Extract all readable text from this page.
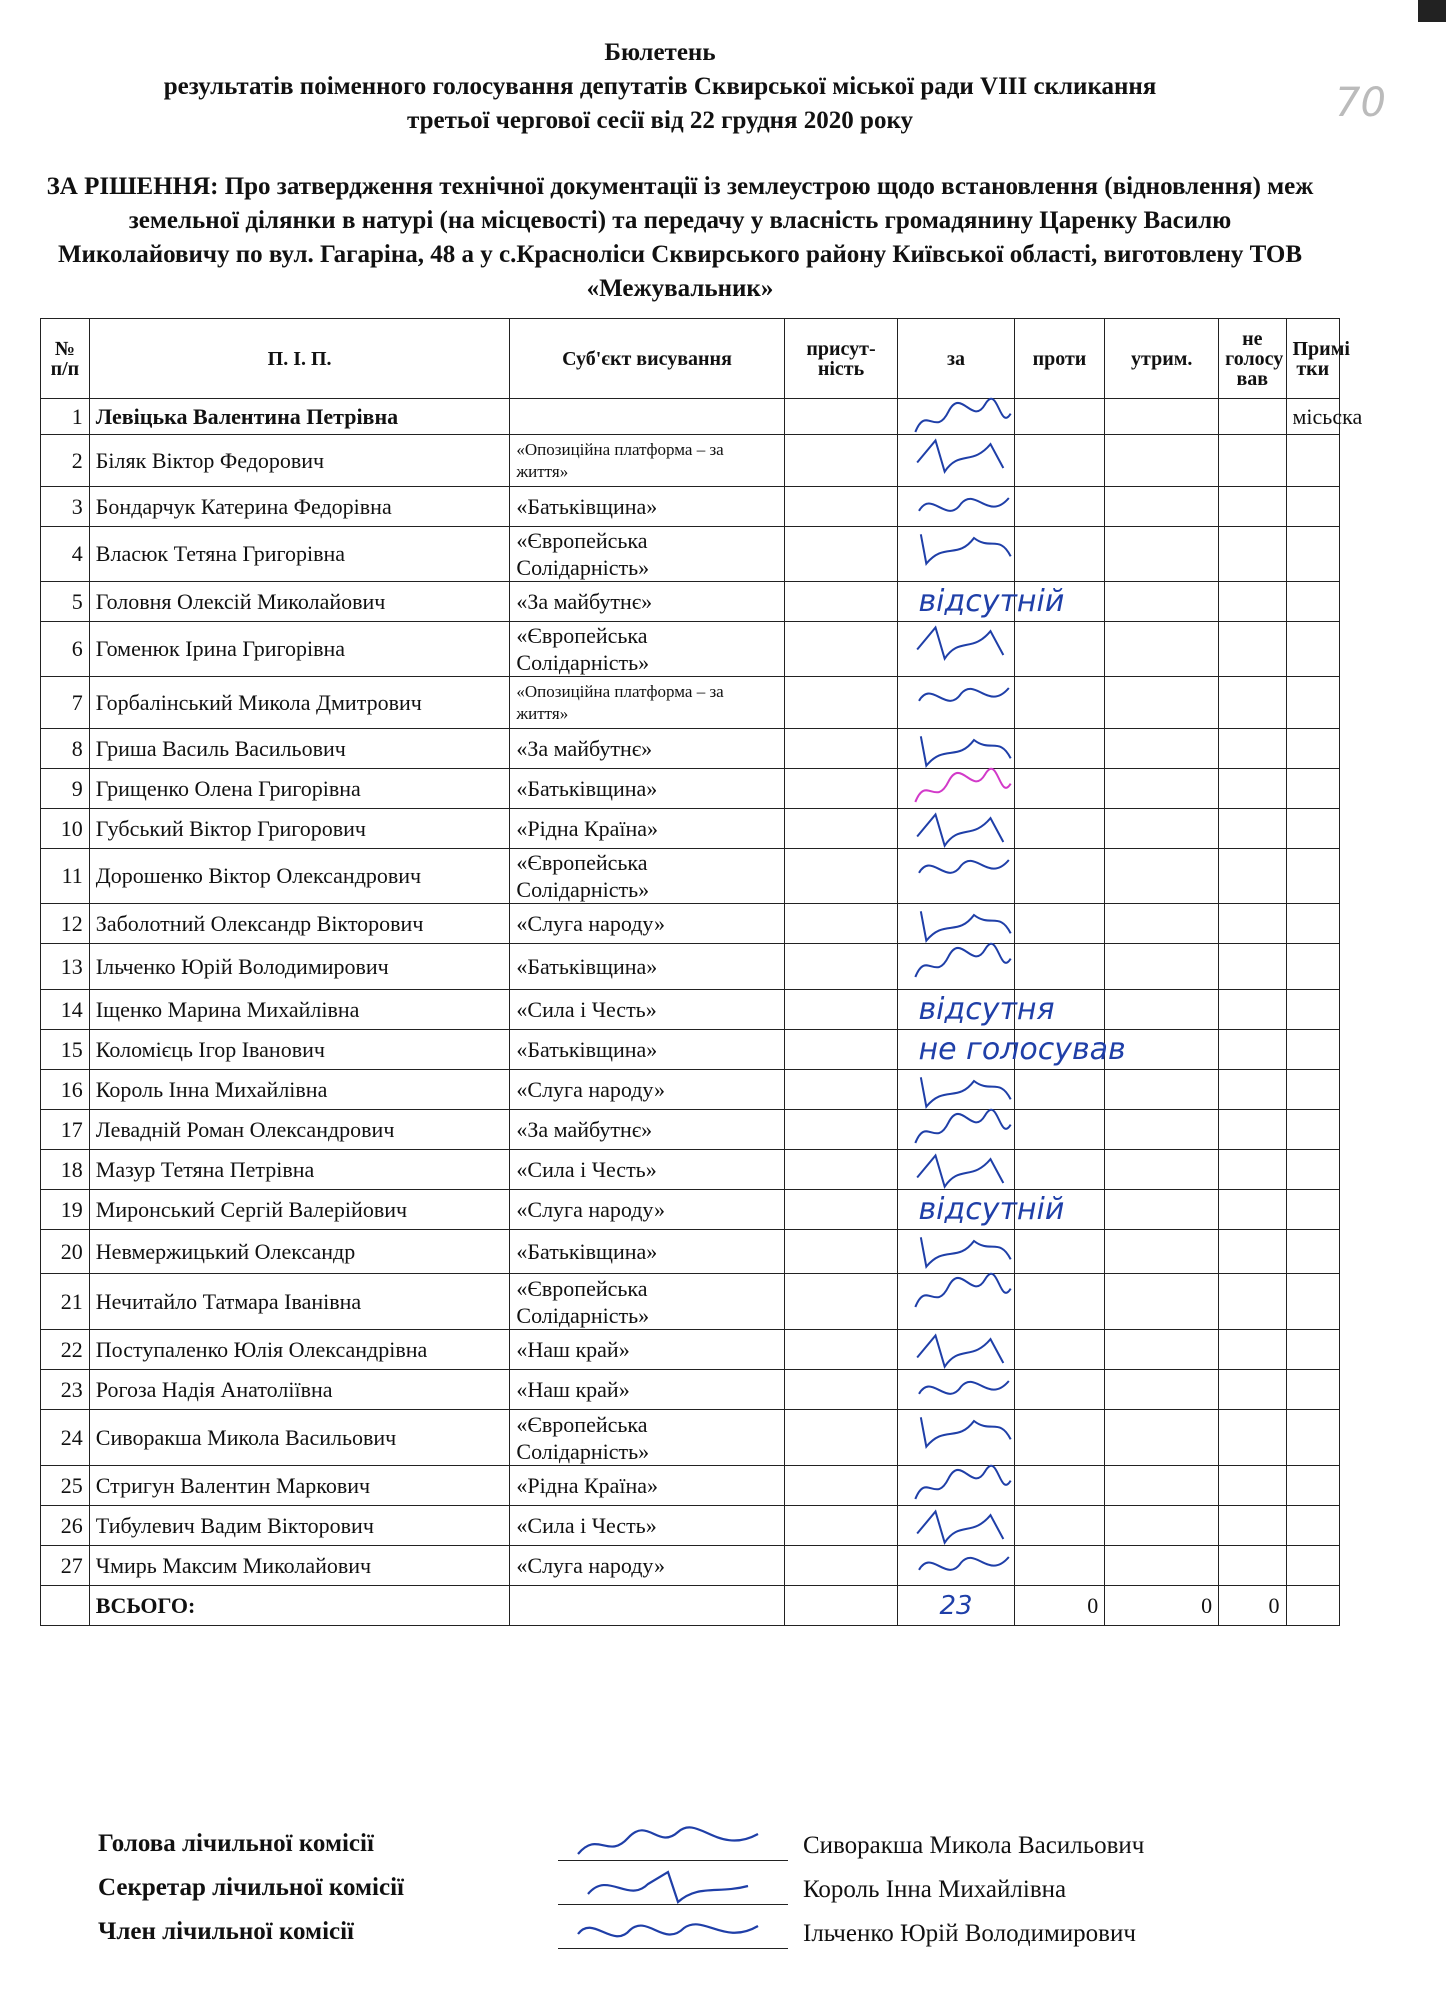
70
Бюлетень
результатів поіменного голосування депутатів Сквирської міської ради VIII скликання
третьої чергової сесії від 22 грудня 2020 року
ЗА РІШЕННЯ: Про затвердження технічної документації із землеустрою щодо встановлення (відновлення) меж земельної ділянки в натурі (на місцевості) та передачу у власність громадянину Царенку Василю Миколайовичу по вул. Гагаріна, 48 а у с.Красноліси Сквирського району Київської області, виготовлену ТОВ «Межувальник»
№ п/п	П. І. П.	Суб'єкт висування	присут-ність	за	проти	утрим.	не голосу вав	Примі тки
1	Левіцька Валентина Петрівна							місьска
2	Біляк Віктор Федорович	«Опозиційна платформа – за життя»		

3	Бондарчук Катерина Федорівна	«Батьківщина»		

4	Власюк Тетяна Григорівна	«Європейська Солідарність»		

5	Головня Олексій Миколайович	«За майбутнє»		відсутній				

6	Гоменюк Ірина Григорівна	«Європейська Солідарність»		

7	Горбалінський Микола Дмитрович	«Опозиційна платформа – за життя»		

8	Гриша Василь Васильович	«За майбутнє»		

9	Грищенко Олена Григорівна	«Батьківщина»		

10	Губський Віктор Григорович	«Рідна Країна»		

11	Дорошенко Віктор Олександрович	«Європейська Солідарність»		

12	Заболотний Олександр Вікторович	«Слуга народу»		

13	Ільченко Юрій Володимирович	«Батьківщина»		

14	Іщенко Марина Михайлівна	«Сила і Честь»		відсутня				

15	Коломієць Ігор Іванович	«Батьківщина»		не голосував				

16	Король Інна Михайлівна	«Слуга народу»		

17	Левадній Роман Олександрович	«За майбутнє»		

18	Мазур Тетяна Петрівна	«Сила і Честь»		

19	Миронський Сергій Валерійович	«Слуга народу»		відсутній				

20	Невмержицький Олександр	«Батьківщина»		

21	Нечитайло Татмара Іванівна	«Європейська Солідарність»		

22	Поступаленко Юлія Олександрівна	«Наш край»		

23	Рогоза Надія Анатоліївна	«Наш край»		

24	Сиворакша Микола Васильович	«Європейська Солідарність»		

25	Стригун Валентин Маркович	«Рідна Країна»		

26	Тибулевич Вадим Вікторович	«Сила і Честь»		

27	Чмирь Максим Миколайович	«Слуга народу»		

	ВСЬОГО:			23	0	0	0	
Голова лічильної комісії	Сиворакша Микола Васильович
Секретар лічильної комісії	Король Інна Михайлівна
Член лічильної комісії	Ільченко Юрій Володимирович
